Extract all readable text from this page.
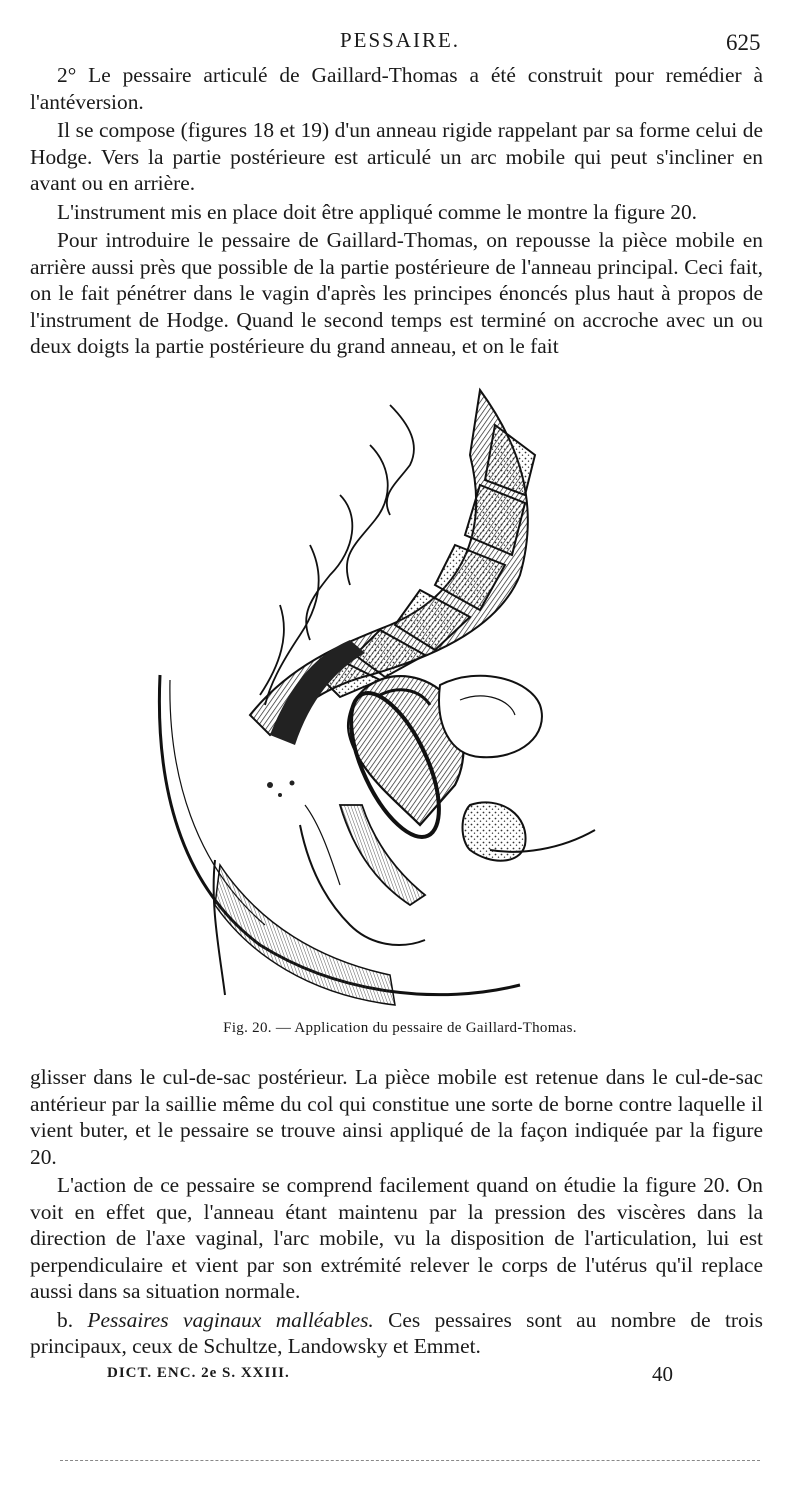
PESSAIRE.	625

2° Le pessaire articulé de Gaillard-Thomas a été construit pour remédier à l'antéversion.

Il se compose (figures 18 et 19) d'un anneau rigide rappelant par sa forme celui de Hodge. Vers la partie postérieure est articulé un arc mobile qui peut s'incliner en avant ou en arrière.

L'instrument mis en place doit être appliqué comme le montre la figure 20.

Pour introduire le pessaire de Gaillard-Thomas, on repousse la pièce mobile en arrière aussi près que possible de la partie postérieure de l'anneau principal. Ceci fait, on le fait pénétrer dans le vagin d'après les principes énoncés plus haut à propos de l'instrument de Hodge. Quand le second temps est terminé on accroche avec un ou deux doigts la partie postérieure du grand anneau, et on le fait

Fig. 20. — Application du pessaire de Gaillard-Thomas.

glisser dans le cul-de-sac postérieur. La pièce mobile est retenue dans le cul-de-sac antérieur par la saillie même du col qui constitue une sorte de borne contre laquelle il vient buter, et le pessaire se trouve ainsi appliqué de la façon indiquée par la figure 20.

L'action de ce pessaire se comprend facilement quand on étudie la figure 20. On voit en effet que, l'anneau étant maintenu par la pression des viscères dans la direction de l'axe vaginal, l'arc mobile, vu la disposition de l'articulation, lui est perpendiculaire et vient par son extrémité relever le corps de l'utérus qu'il replace aussi dans sa situation normale.

b. Pessaires vaginaux malléables. Ces pessaires sont au nombre de trois principaux, ceux de Schultze, Landowsky et Emmet.

DICT. ENC. 2e S. XXIII.	40
